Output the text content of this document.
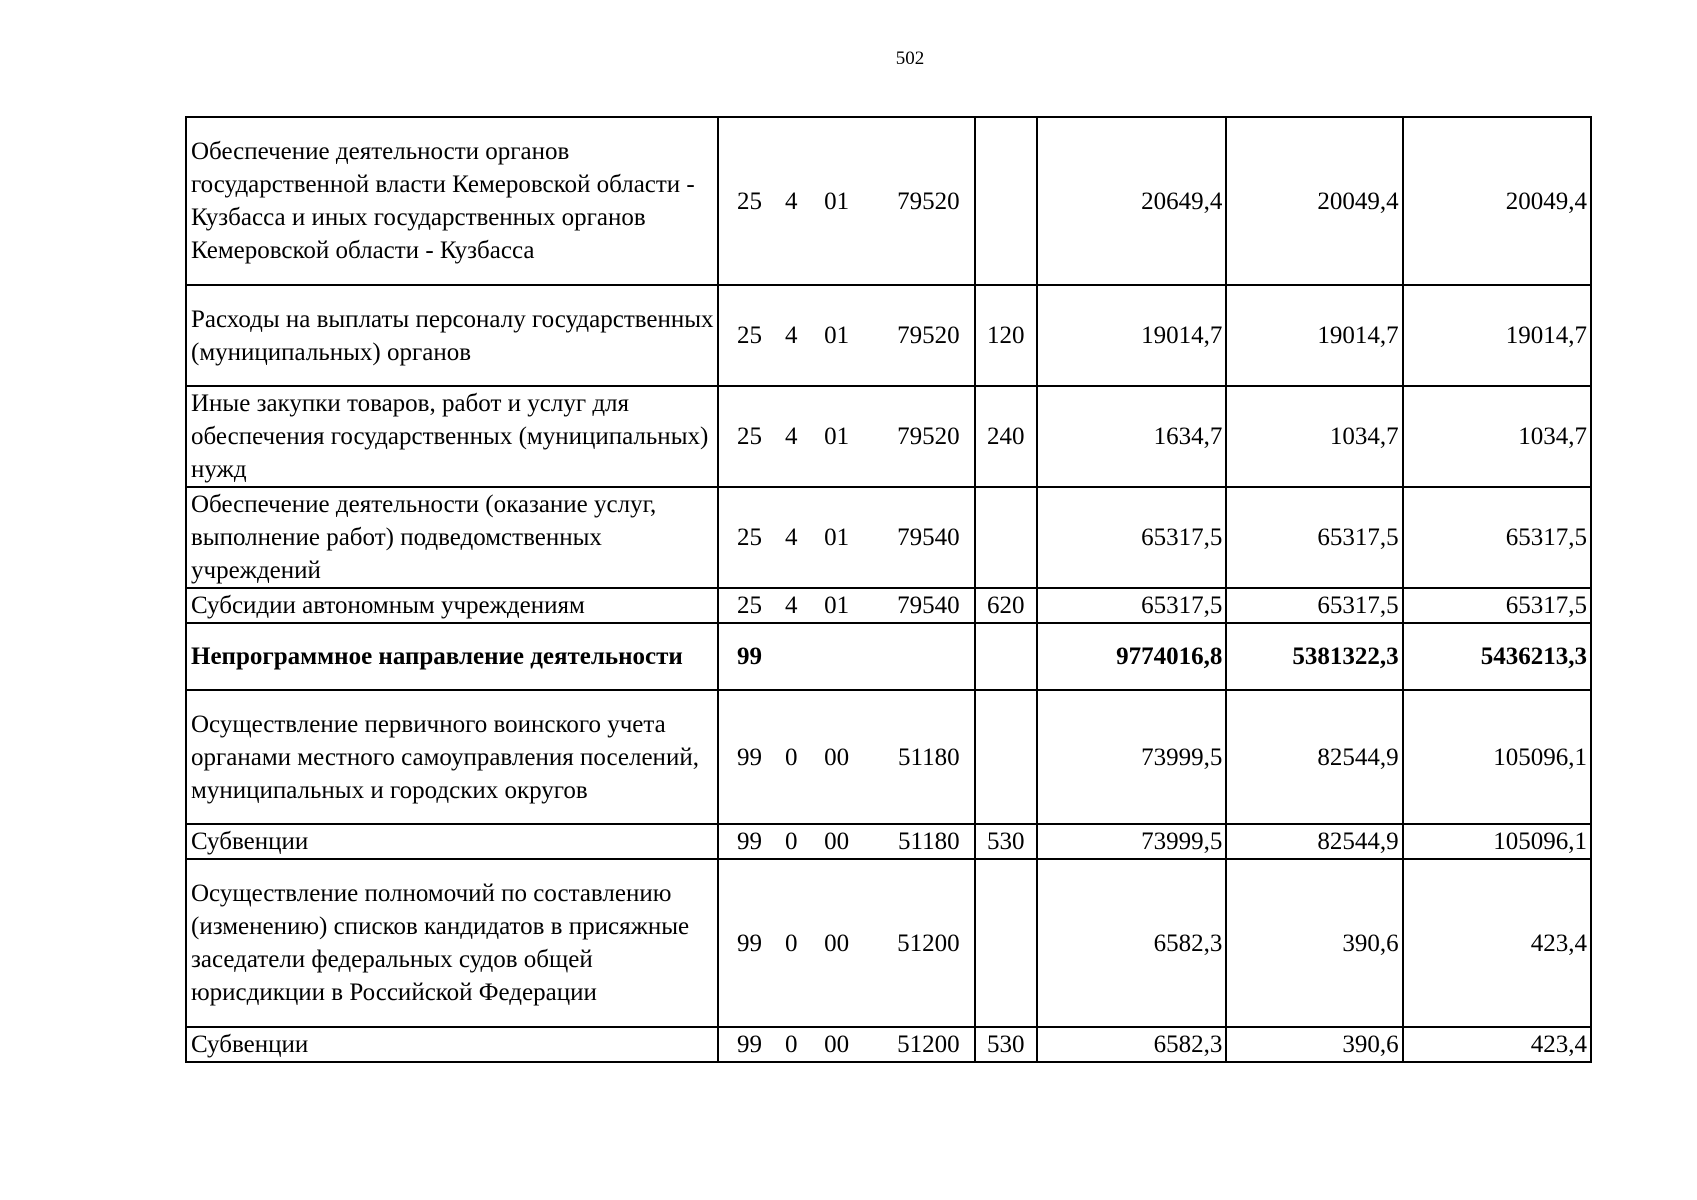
502
Обеспечение деятельности органов государственной власти Кемеровской области - Кузбасса и иных государственных органов Кемеровской области - Кузбасса	25	4	01	79520		20649,4	20049,4	20049,4
Расходы на выплаты персоналу государственных (муниципальных) органов	25	4	01	79520	120	19014,7	19014,7	19014,7
Иные закупки товаров, работ и услуг для обеспечения государственных (муниципальных) нужд	25	4	01	79520	240	1634,7	1034,7	1034,7
Обеспечение деятельности (оказание услуг, выполнение работ) подведомственных учреждений	25	4	01	79540		65317,5	65317,5	65317,5
Субсидии автономным учреждениям	25	4	01	79540	620	65317,5	65317,5	65317,5
Непрограммное направление деятельности	99					9774016,8	5381322,3	5436213,3
Осуществление первичного воинского учета органами местного самоуправления поселений, муниципальных и городских округов	99	0	00	51180		73999,5	82544,9	105096,1
Субвенции	99	0	00	51180	530	73999,5	82544,9	105096,1
Осуществление полномочий по составлению (изменению) списков кандидатов в присяжные заседатели федеральных судов общей юрисдикции в Российской Федерации	99	0	00	51200		6582,3	390,6	423,4
Субвенции	99	0	00	51200	530	6582,3	390,6	423,4
